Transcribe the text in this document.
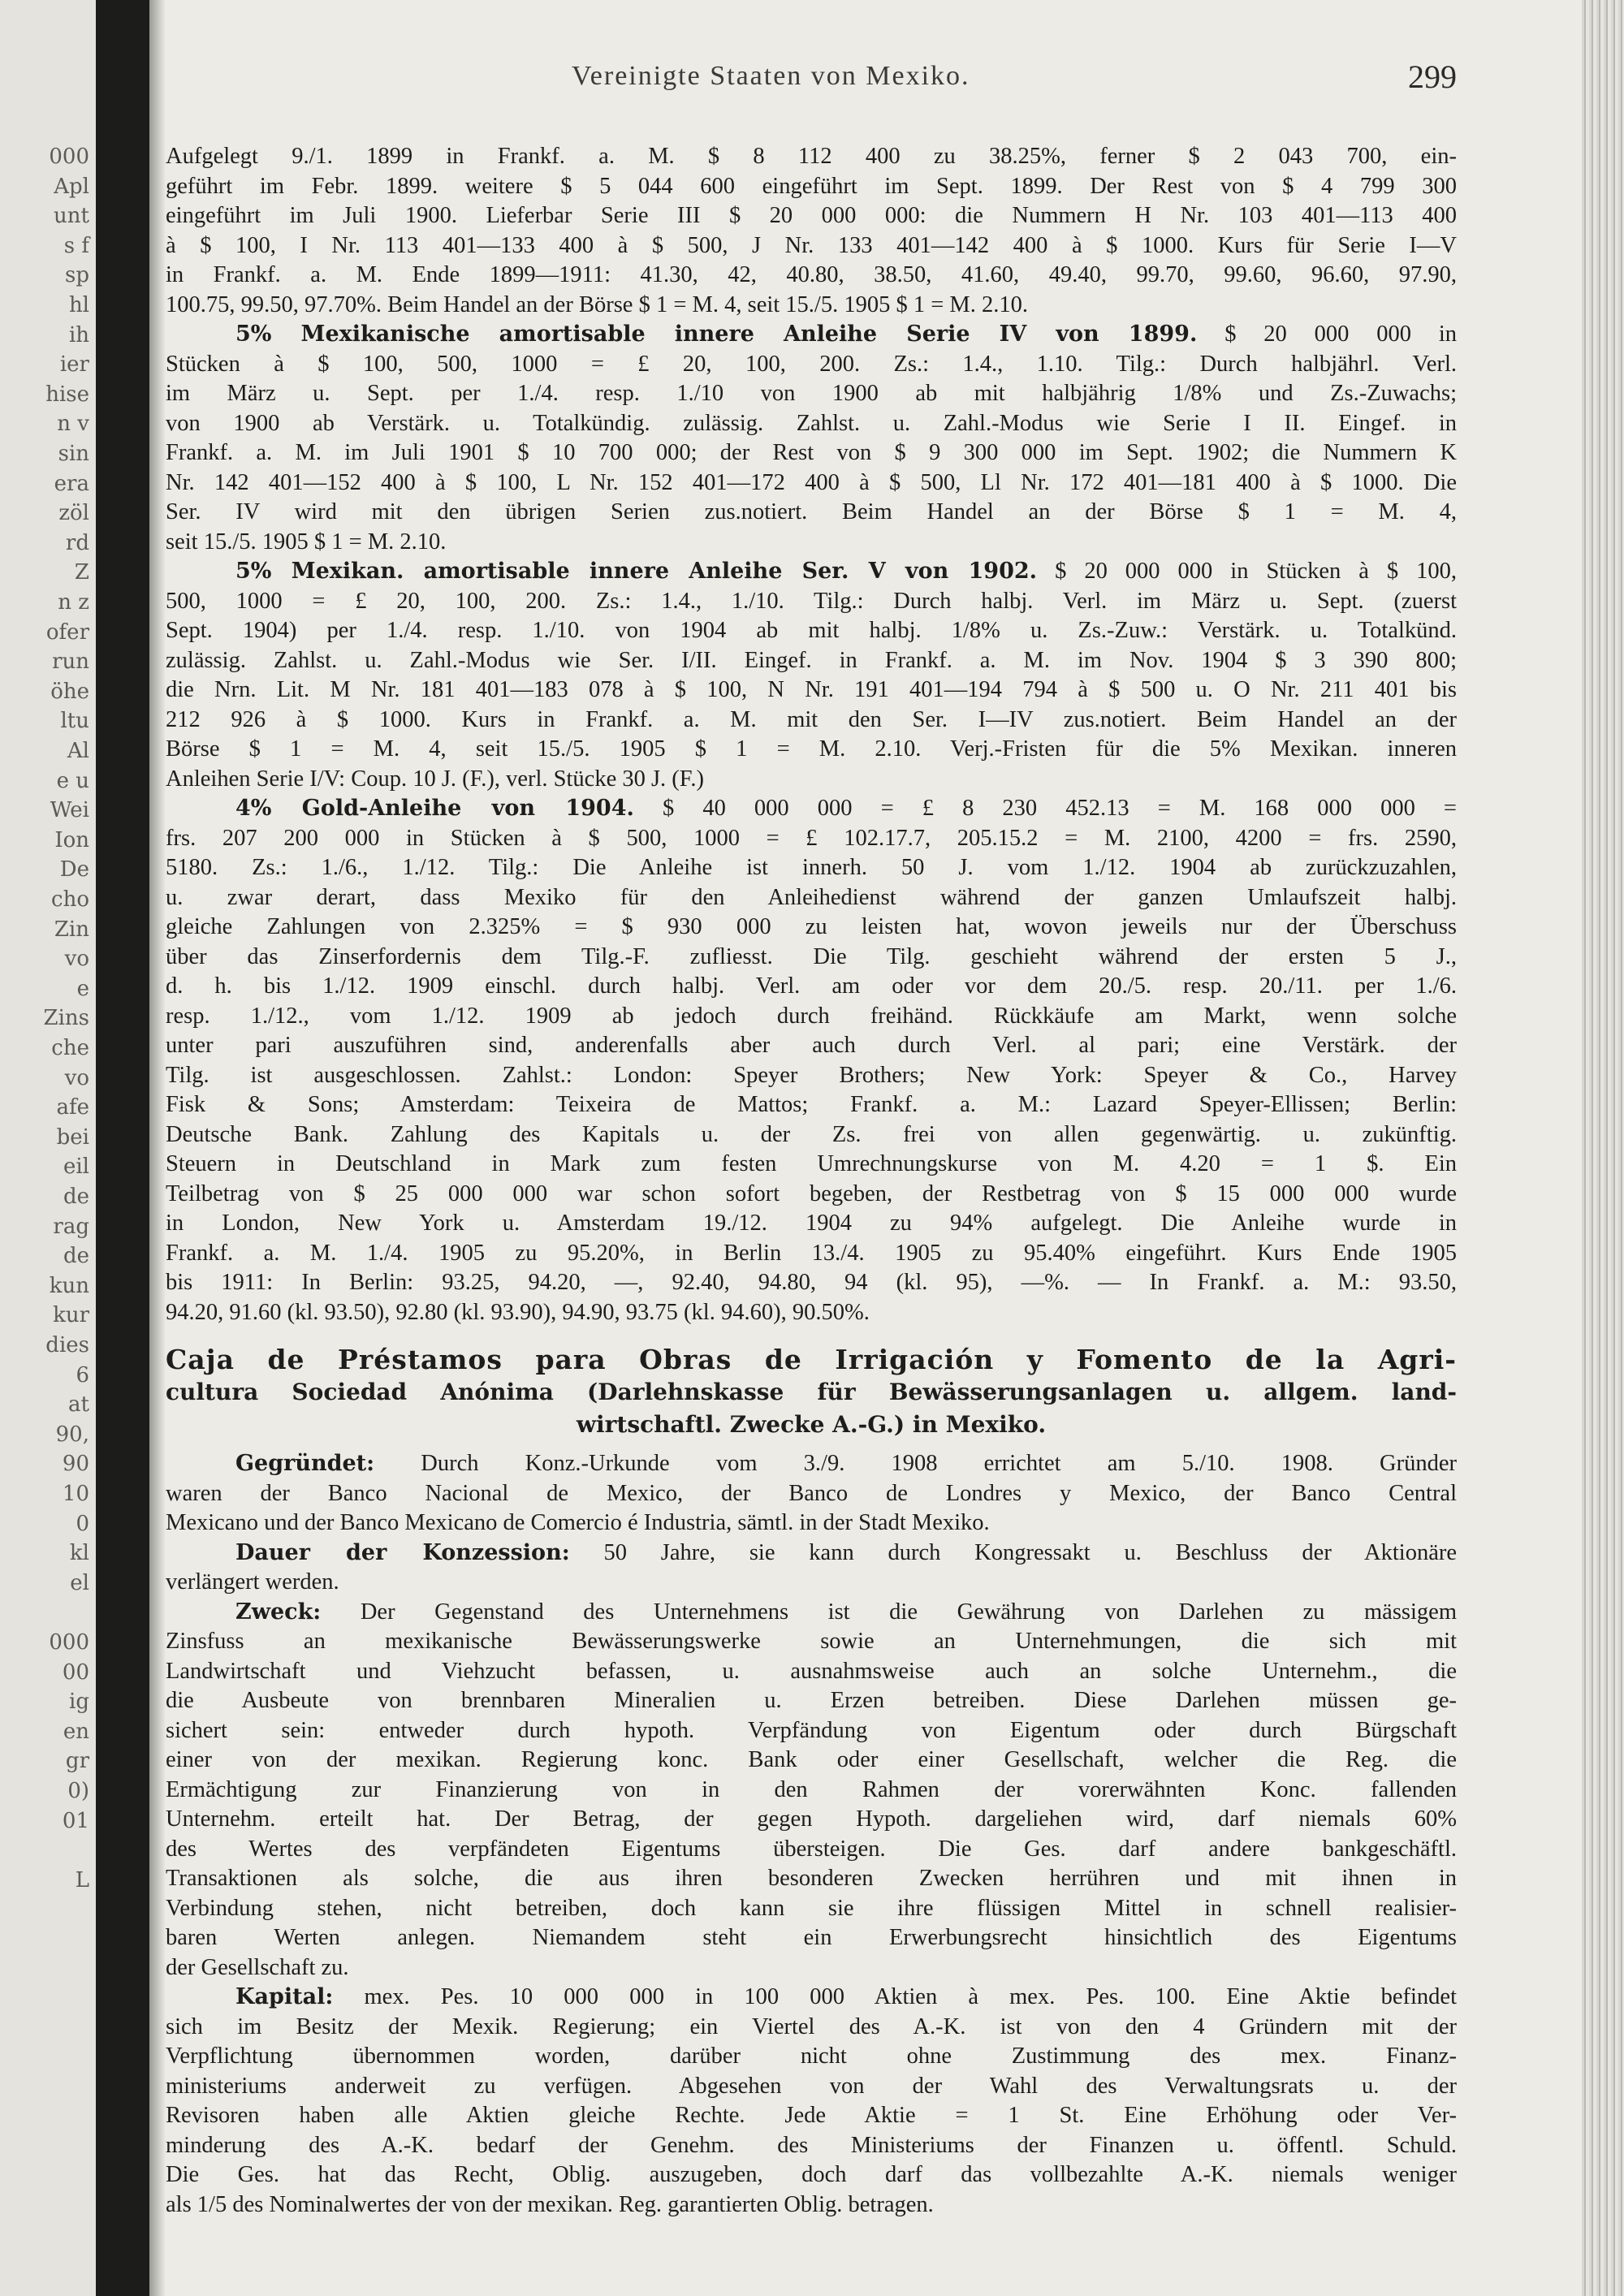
000
Apl
unt
s f
sp
hl
ih
ier
hise
n v
sin
era
zöl
rd
Z
n z
ofer
run
öhe
ltu
Al
e u
Wei
Ion
De
cho
Zin
vo
e
Zins
che
vo
afe
bei
eil
de
rag
de
kun
kur
dies
6
at
90,
90
10
0
kl
el
000
00
ig
en
gr
0)
01
L
Vereinigte Staaten von Mexiko.	299
Aufgelegt 9./1. 1899 in Frankf. a. M. $ 8 112 400 zu 38.25%, ferner $ 2 043 700, ein-
geführt im Febr. 1899. weitere $ 5 044 600 eingeführt im Sept. 1899. Der Rest von $ 4 799 300
eingeführt im Juli 1900. Lieferbar Serie III $ 20 000 000: die Nummern H Nr. 103 401—113 400
à $ 100, I Nr. 113 401—133 400 à $ 500, J Nr. 133 401—142 400 à $ 1000. Kurs für Serie I—V
in Frankf. a. M. Ende 1899—1911: 41.30, 42, 40.80, 38.50, 41.60, 49.40, 99.70, 99.60, 96.60, 97.90,
100.75, 99.50, 97.70%. Beim Handel an der Börse $ 1 = M. 4, seit 15./5. 1905 $ 1 = M. 2.10.
5% Mexikanische amortisable innere Anleihe Serie IV von 1899. $ 20 000 000 in
Stücken à $ 100, 500, 1000 = £ 20, 100, 200. Zs.: 1.4., 1.10. Tilg.: Durch halbjährl. Verl.
im März u. Sept. per 1./4. resp. 1./10 von 1900 ab mit halbjährig 1/8% und Zs.-Zuwachs;
von 1900 ab Verstärk. u. Totalkündig. zulässig. Zahlst. u. Zahl.-Modus wie Serie I II. Eingef. in
Frankf. a. M. im Juli 1901 $ 10 700 000; der Rest von $ 9 300 000 im Sept. 1902; die Nummern K
Nr. 142 401—152 400 à $ 100, L Nr. 152 401—172 400 à $ 500, Ll Nr. 172 401—181 400 à $ 1000. Die
Ser. IV wird mit den übrigen Serien zus.notiert. Beim Handel an der Börse $ 1 = M. 4,
seit 15./5. 1905 $ 1 = M. 2.10.
5% Mexikan. amortisable innere Anleihe Ser. V von 1902. $ 20 000 000 in Stücken à $ 100,
500, 1000 = £ 20, 100, 200. Zs.: 1.4., 1./10. Tilg.: Durch halbj. Verl. im März u. Sept. (zuerst
Sept. 1904) per 1./4. resp. 1./10. von 1904 ab mit halbj. 1/8% u. Zs.-Zuw.: Verstärk. u. Totalkünd.
zulässig. Zahlst. u. Zahl.-Modus wie Ser. I/II. Eingef. in Frankf. a. M. im Nov. 1904 $ 3 390 800;
die Nrn. Lit. M Nr. 181 401—183 078 à $ 100, N Nr. 191 401—194 794 à $ 500 u. O Nr. 211 401 bis
212 926 à $ 1000. Kurs in Frankf. a. M. mit den Ser. I—IV zus.notiert. Beim Handel an der
Börse $ 1 = M. 4, seit 15./5. 1905 $ 1 = M. 2.10. Verj.-Fristen für die 5% Mexikan. inneren
Anleihen Serie I/V: Coup. 10 J. (F.), verl. Stücke 30 J. (F.)
4% Gold-Anleihe von 1904. $ 40 000 000 = £ 8 230 452.13 = M. 168 000 000 =
frs. 207 200 000 in Stücken à $ 500, 1000 = £ 102.17.7, 205.15.2 = M. 2100, 4200 = frs. 2590,
5180. Zs.: 1./6., 1./12. Tilg.: Die Anleihe ist innerh. 50 J. vom 1./12. 1904 ab zurückzuzahlen,
u. zwar derart, dass Mexiko für den Anleihedienst während der ganzen Umlaufszeit halbj.
gleiche Zahlungen von 2.325% = $ 930 000 zu leisten hat, wovon jeweils nur der Überschuss
über das Zinserfordernis dem Tilg.-F. zufliesst. Die Tilg. geschieht während der ersten 5 J.,
d. h. bis 1./12. 1909 einschl. durch halbj. Verl. am oder vor dem 20./5. resp. 20./11. per 1./6.
resp. 1./12., vom 1./12. 1909 ab jedoch durch freihänd. Rückkäufe am Markt, wenn solche
unter pari auszuführen sind, anderenfalls aber auch durch Verl. al pari; eine Verstärk. der
Tilg. ist ausgeschlossen. Zahlst.: London: Speyer Brothers; New York: Speyer & Co., Harvey
Fisk & Sons; Amsterdam: Teixeira de Mattos; Frankf. a. M.: Lazard Speyer-Ellissen; Berlin:
Deutsche Bank. Zahlung des Kapitals u. der Zs. frei von allen gegenwärtig. u. zukünftig.
Steuern in Deutschland in Mark zum festen Umrechnungskurse von M. 4.20 = 1 $. Ein
Teilbetrag von $ 25 000 000 war schon sofort begeben, der Restbetrag von $ 15 000 000 wurde
in London, New York u. Amsterdam 19./12. 1904 zu 94% aufgelegt. Die Anleihe wurde in
Frankf. a. M. 1./4. 1905 zu 95.20%, in Berlin 13./4. 1905 zu 95.40% eingeführt. Kurs Ende 1905
bis 1911: In Berlin: 93.25, 94.20, —, 92.40, 94.80, 94 (kl. 95), —%. — In Frankf. a. M.: 93.50,
94.20, 91.60 (kl. 93.50), 92.80 (kl. 93.90), 94.90, 93.75 (kl. 94.60), 90.50%.
Caja de Préstamos para Obras de Irrigación y Fomento de la Agri-
cultura Sociedad Anónima (Darlehnskasse für Bewässerungsanlagen u. allgem. land-
wirtschaftl. Zwecke A.-G.) in Mexiko.
Gegründet: Durch Konz.-Urkunde vom 3./9. 1908 errichtet am 5./10. 1908. Gründer
waren der Banco Nacional de Mexico, der Banco de Londres y Mexico, der Banco Central
Mexicano und der Banco Mexicano de Comercio é Industria, sämtl. in der Stadt Mexiko.
Dauer der Konzession: 50 Jahre, sie kann durch Kongressakt u. Beschluss der Aktionäre
verlängert werden.
Zweck: Der Gegenstand des Unternehmens ist die Gewährung von Darlehen zu mässigem
Zinsfuss an mexikanische Bewässerungswerke sowie an Unternehmungen, die sich mit
Landwirtschaft und Viehzucht befassen, u. ausnahmsweise auch an solche Unternehm., die
die Ausbeute von brennbaren Mineralien u. Erzen betreiben. Diese Darlehen müssen ge-
sichert sein: entweder durch hypoth. Verpfändung von Eigentum oder durch Bürgschaft
einer von der mexikan. Regierung konc. Bank oder einer Gesellschaft, welcher die Reg. die
Ermächtigung zur Finanzierung von in den Rahmen der vorerwähnten Konc. fallenden
Unternehm. erteilt hat. Der Betrag, der gegen Hypoth. dargeliehen wird, darf niemals 60%
des Wertes des verpfändeten Eigentums übersteigen. Die Ges. darf andere bankgeschäftl.
Transaktionen als solche, die aus ihren besonderen Zwecken herrühren und mit ihnen in
Verbindung stehen, nicht betreiben, doch kann sie ihre flüssigen Mittel in schnell realisier-
baren Werten anlegen. Niemandem steht ein Erwerbungsrecht hinsichtlich des Eigentums
der Gesellschaft zu.
Kapital: mex. Pes. 10 000 000 in 100 000 Aktien à mex. Pes. 100. Eine Aktie befindet
sich im Besitz der Mexik. Regierung; ein Viertel des A.-K. ist von den 4 Gründern mit der
Verpflichtung übernommen worden, darüber nicht ohne Zustimmung des mex. Finanz-
ministeriums anderweit zu verfügen. Abgesehen von der Wahl des Verwaltungsrats u. der
Revisoren haben alle Aktien gleiche Rechte. Jede Aktie = 1 St. Eine Erhöhung oder Ver-
minderung des A.-K. bedarf der Genehm. des Ministeriums der Finanzen u. öffentl. Schuld.
Die Ges. hat das Recht, Oblig. auszugeben, doch darf das vollbezahlte A.-K. niemals weniger
als 1/5 des Nominalwertes der von der mexikan. Reg. garantierten Oblig. betragen.
